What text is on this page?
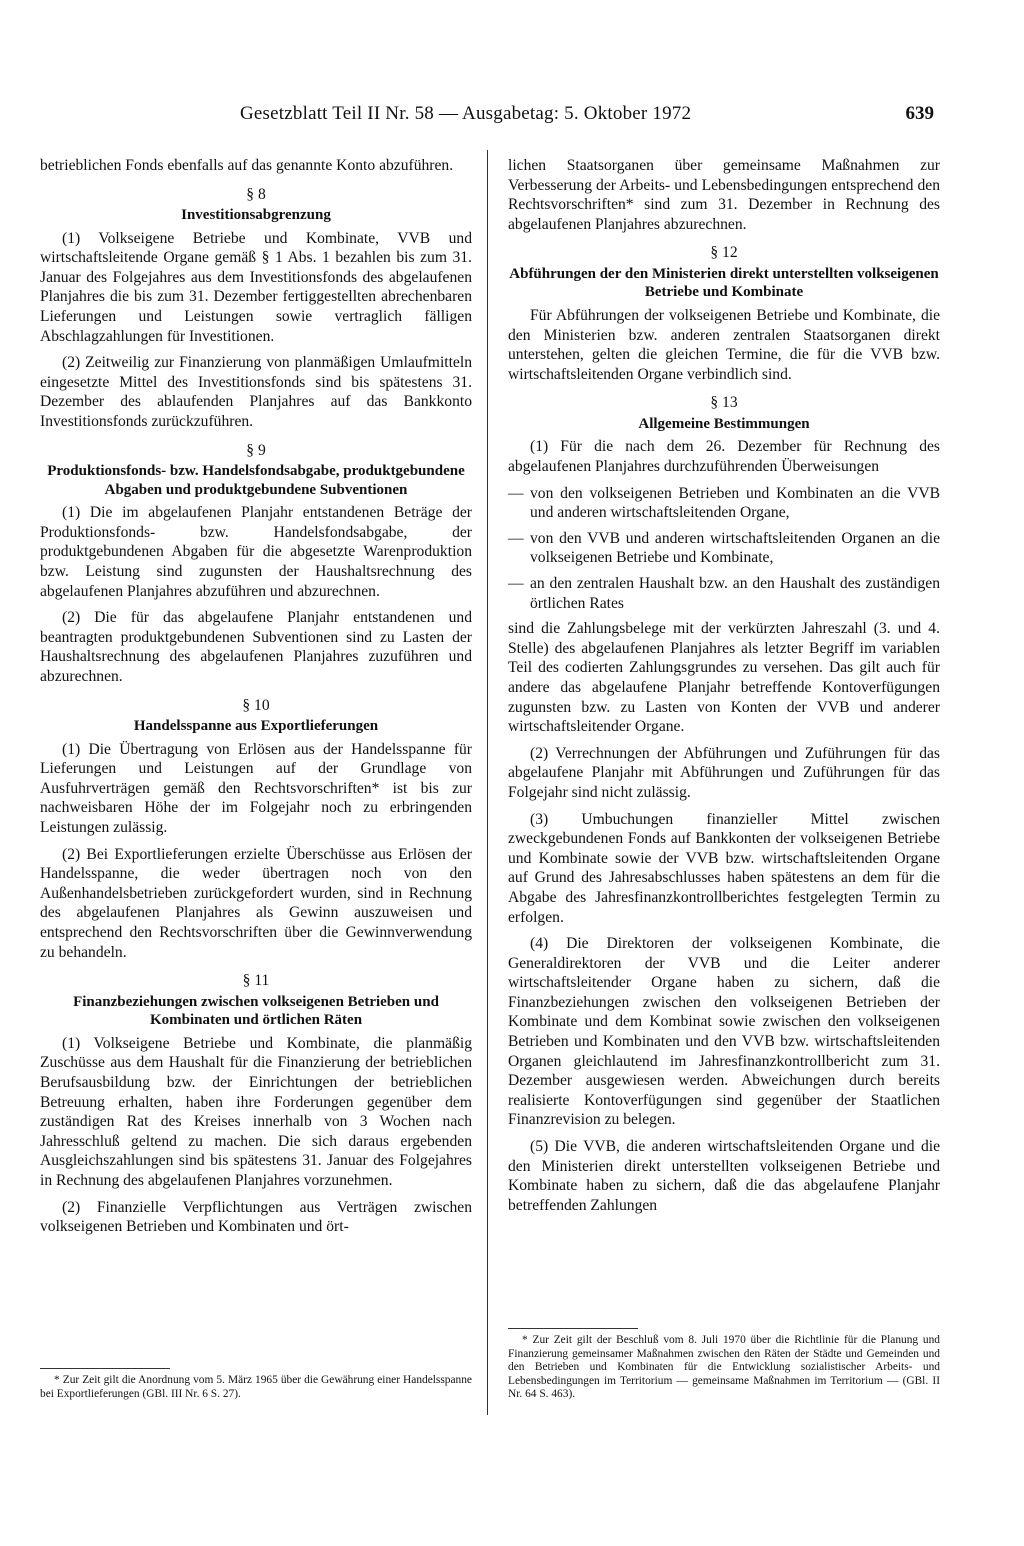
Gesetzblatt Teil II Nr. 58 — Ausgabetag: 5. Oktober 1972	639

betrieblichen Fonds ebenfalls auf das genannte Konto abzuführen.

§ 8
Investitionsabgrenzung

(1) Volkseigene Betriebe und Kombinate, VVB und wirtschaftsleitende Organe gemäß § 1 Abs. 1 bezahlen bis zum 31. Januar des Folgejahres aus dem Investitionsfonds des abgelaufenen Planjahres die bis zum 31. Dezember fertiggestellten abrechenbaren Lieferungen und Leistungen sowie vertraglich fälligen Abschlagzahlungen für Investitionen.

(2) Zeitweilig zur Finanzierung von planmäßigen Umlaufmitteln eingesetzte Mittel des Investitionsfonds sind bis spätestens 31. Dezember des ablaufenden Planjahres auf das Bankkonto Investitionsfonds zurückzuführen.

§ 9
Produktionsfonds- bzw. Handelsfondsabgabe, produktgebundene Abgaben und produktgebundene Subventionen

(1) Die im abgelaufenen Planjahr entstandenen Beträge der Produktionsfonds- bzw. Handelsfondsabgabe, der produktgebundenen Abgaben für die abgesetzte Warenproduktion bzw. Leistung sind zugunsten der Haushaltsrechnung des abgelaufenen Planjahres abzuführen und abzurechnen.

(2) Die für das abgelaufene Planjahr entstandenen und beantragten produktgebundenen Subventionen sind zu Lasten der Haushaltsrechnung des abgelaufenen Planjahres zuzuführen und abzurechnen.

§ 10
Handelsspanne aus Exportlieferungen

(1) Die Übertragung von Erlösen aus der Handelsspanne für Lieferungen und Leistungen auf der Grundlage von Ausfuhrverträgen gemäß den Rechtsvorschriften* ist bis zur nachweisbaren Höhe der im Folgejahr noch zu erbringenden Leistungen zulässig.

(2) Bei Exportlieferungen erzielte Überschüsse aus Erlösen der Handelsspanne, die weder übertragen noch von den Außenhandelsbetrieben zurückgefordert wurden, sind in Rechnung des abgelaufenen Planjahres als Gewinn auszuweisen und entsprechend den Rechtsvorschriften über die Gewinnverwendung zu behandeln.

§ 11
Finanzbeziehungen zwischen volkseigenen Betrieben und Kombinaten und örtlichen Räten

(1) Volkseigene Betriebe und Kombinate, die planmäßig Zuschüsse aus dem Haushalt für die Finanzierung der betrieblichen Berufsausbildung bzw. der Einrichtungen der betrieblichen Betreuung erhalten, haben ihre Forderungen gegenüber dem zuständigen Rat des Kreises innerhalb von 3 Wochen nach Jahresschluß geltend zu machen. Die sich daraus ergebenden Ausgleichszahlungen sind bis spätestens 31. Januar des Folgejahres in Rechnung des abgelaufenen Planjahres vorzunehmen.

(2) Finanzielle Verpflichtungen aus Verträgen zwischen volkseigenen Betrieben und Kombinaten und ört-

* Zur Zeit gilt die Anordnung vom 5. März 1965 über die Gewährung einer Handelsspanne bei Exportlieferungen (GBl. III Nr. 6 S. 27).

lichen Staatsorganen über gemeinsame Maßnahmen zur Verbesserung der Arbeits- und Lebensbedingungen entsprechend den Rechtsvorschriften* sind zum 31. Dezember in Rechnung des abgelaufenen Planjahres abzurechnen.

§ 12
Abführungen der den Ministerien direkt unterstellten volkseigenen Betriebe und Kombinate

Für Abführungen der volkseigenen Betriebe und Kombinate, die den Ministerien bzw. anderen zentralen Staatsorganen direkt unterstehen, gelten die gleichen Termine, die für die VVB bzw. wirtschaftsleitenden Organe verbindlich sind.

§ 13
Allgemeine Bestimmungen

(1) Für die nach dem 26. Dezember für Rechnung des abgelaufenen Planjahres durchzuführenden Überweisungen

— von den volkseigenen Betrieben und Kombinaten an die VVB und anderen wirtschaftsleitenden Organe,
— von den VVB und anderen wirtschaftsleitenden Organen an die volkseigenen Betriebe und Kombinate,
— an den zentralen Haushalt bzw. an den Haushalt des zuständigen örtlichen Rates

sind die Zahlungsbelege mit der verkürzten Jahreszahl (3. und 4. Stelle) des abgelaufenen Planjahres als letzter Begriff im variablen Teil des codierten Zahlungsgrundes zu versehen. Das gilt auch für andere das abgelaufene Planjahr betreffende Kontoverfügungen zugunsten bzw. zu Lasten von Konten der VVB und anderer wirtschaftsleitender Organe.

(2) Verrechnungen der Abführungen und Zuführungen für das abgelaufene Planjahr mit Abführungen und Zuführungen für das Folgejahr sind nicht zulässig.

(3) Umbuchungen finanzieller Mittel zwischen zweckgebundenen Fonds auf Bankkonten der volkseigenen Betriebe und Kombinate sowie der VVB bzw. wirtschaftsleitenden Organe auf Grund des Jahresabschlusses haben spätestens an dem für die Abgabe des Jahresfinanzkontrollberichtes festgelegten Termin zu erfolgen.

(4) Die Direktoren der volkseigenen Kombinate, die Generaldirektoren der VVB und die Leiter anderer wirtschaftsleitender Organe haben zu sichern, daß die Finanzbeziehungen zwischen den volkseigenen Betrieben der Kombinate und dem Kombinat sowie zwischen den volkseigenen Betrieben und Kombinaten und den VVB bzw. wirtschaftsleitenden Organen gleichlautend im Jahresfinanzkontrollbericht zum 31. Dezember ausgewiesen werden. Abweichungen durch bereits realisierte Kontoverfügungen sind gegenüber der Staatlichen Finanzrevision zu belegen.

(5) Die VVB, die anderen wirtschaftsleitenden Organe und die den Ministerien direkt unterstellten volkseigenen Betriebe und Kombinate haben zu sichern, daß die das abgelaufene Planjahr betreffenden Zahlungen

* Zur Zeit gilt der Beschluß vom 8. Juli 1970 über die Richtlinie für die Planung und Finanzierung gemeinsamer Maßnahmen zwischen den Räten der Städte und Gemeinden und den Betrieben und Kombinaten für die Entwicklung sozialistischer Arbeits- und Lebensbedingungen im Territorium — gemeinsame Maßnahmen im Territorium — (GBl. II Nr. 64 S. 463).
